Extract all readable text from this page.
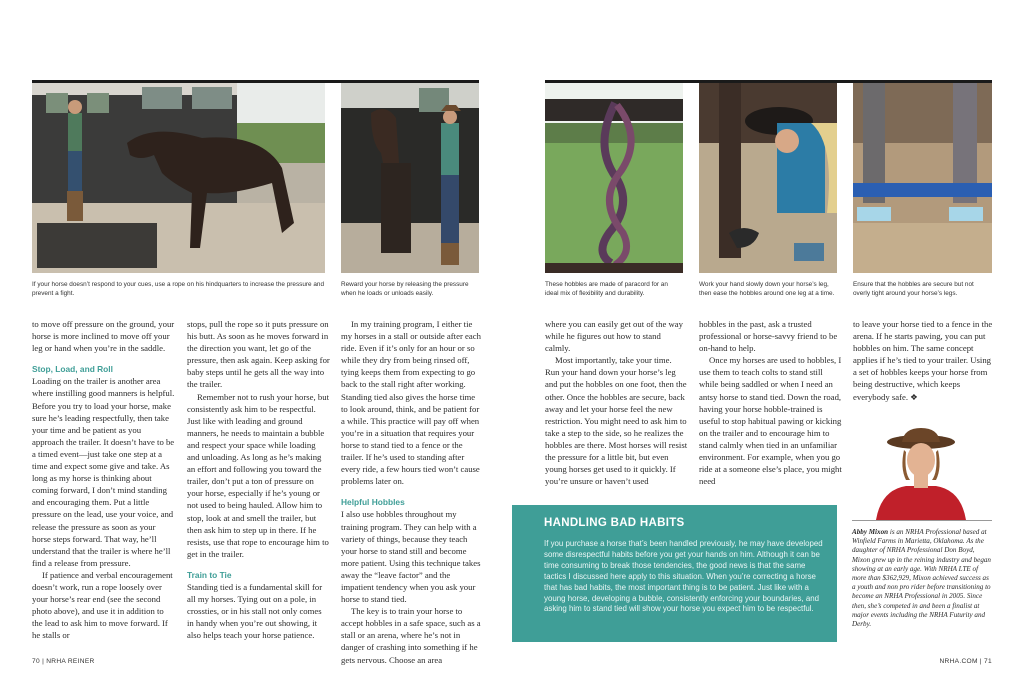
If your horse doesn’t respond to your cues, use a rope on his hindquarters to increase the pressure and prevent a fight.
Reward your horse by releasing the pressure when he loads or unloads easily.
These hobbles are made of paracord for an ideal mix of flexibility and durability.
Work your hand slowly down your horse’s leg, then ease the hobbles around one leg at a time.
Ensure that the hobbles are secure but not overly tight around your horse’s legs.

to move off pressure on the ground, your horse is more inclined to move off your leg or hand when you’re in the saddle.

Stop, Load, and Roll

Loading on the trailer is another area where instilling good manners is helpful. Before you try to load your horse, make sure he’s leading respectfully, then take your time and be patient as you approach the trailer. It doesn’t have to be a timed event—just take one step at a time and expect some give and take. As long as my horse is thinking about coming forward, I don’t mind standing and encouraging them. Put a little pressure on the lead, use your voice, and release the pressure as soon as your horse steps forward. That way, he’ll understand that the trailer is where he’ll find a release from pressure.

If patience and verbal encouragement doesn’t work, run a rope loosely over your horse’s rear end (see the second photo above), and use it in addition to the lead to ask him to move forward. If he stalls or

stops, pull the rope so it puts pressure on his butt. As soon as he moves forward in the direction you want, let go of the pressure, then ask again. Keep asking for baby steps until he gets all the way into the trailer.

Remember not to rush your horse, but consistently ask him to be respectful. Just like with leading and ground manners, he needs to maintain a bubble and respect your space while loading and unloading. As long as he’s making an effort and following you toward the trailer, don’t put a ton of pressure on your horse, especially if he’s young or not used to being hauled. Allow him to stop, look at and smell the trailer, but then ask him to step up in there. If he resists, use that rope to encourage him to get in the trailer.

Train to Tie

Standing tied is a fundamental skill for all my horses. Tying out on a pole, in crossties, or in his stall not only comes in handy when you’re out showing, it also helps teach your horse patience.

In my training program, I either tie my horses in a stall or outside after each ride. Even if it’s only for an hour or so while they dry from being rinsed off, tying keeps them from expecting to go back to the stall right after working. Standing tied also gives the horse time to look around, think, and be patient for a while. This practice will pay off when you’re in a situation that requires your horse to stand tied to a fence or the trailer. If he’s used to standing after every ride, a few hours tied won’t cause problems later on.

Helpful Hobbles

I also use hobbles throughout my training program. They can help with a variety of things, because they teach your horse to stand still and become more patient. Using this technique takes away the “leave factor” and the impatient tendency when you ask your horse to stand tied.

The key is to train your horse to accept hobbles in a safe space, such as a stall or an arena, where he’s not in danger of crashing into something if he gets nervous. Choose an area

where you can easily get out of the way while he figures out how to stand calmly.

Most importantly, take your time. Run your hand down your horse’s leg and put the hobbles on one foot, then the other. Once the hobbles are secure, back away and let your horse feel the new restriction. You might need to ask him to take a step to the side, so he realizes the hobbles are there. Most horses will resist the pressure for a little bit, but even young horses get used to it quickly. If you’re unsure or haven’t used

hobbles in the past, ask a trusted professional or horse-savvy friend to be on-hand to help.

Once my horses are used to hobbles, I use them to teach colts to stand still while being saddled or when I need an antsy horse to stand tied. Down the road, having your horse hobble-trained is useful to stop habitual pawing or kicking on the trailer and to encourage him to stand calmly when tied in an unfamiliar environment. For example, when you go ride at a someone else’s place, you might need

to leave your horse tied to a fence in the arena. If he starts pawing, you can put hobbles on him. The same concept applies if he’s tied to your trailer. Using a set of hobbles keeps your horse from being destructive, which keeps everybody safe. ❖

Abby Mixon is an NRHA Professional based at Winfield Farms in Marietta, Oklahoma. As the daughter of NRHA Professional Don Boyd, Mixon grew up in the reining industry and began showing at an early age. With NRHA LTE of more than $362,929, Mixon achieved success as a youth and non pro rider before transitioning to become an NRHA Professional in 2005. Since then, she’s competed in and been a finalist at major events including the NRHA Futurity and Derby.
HANDLING BAD HABITS

If you purchase a horse that’s been handled previously, he may have developed some disrespectful habits before you get your hands on him. Although it can be time consuming to break those tendencies, the good news is that the same tactics I discussed here apply to this situation. When you’re correcting a horse that has bad habits, the most important thing is to be patient. Just like with a young horse, developing a bubble, consistently enforcing your boundaries, and asking him to stand tied will show your horse you expect him to be respectful.

70 | NRHA REINER	NRHA.COM | 71
